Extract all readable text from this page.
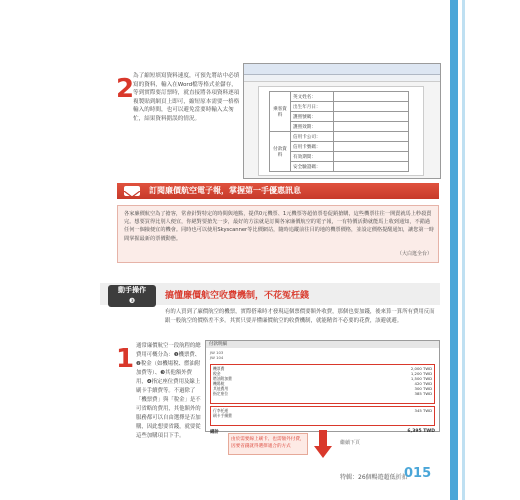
2
為了縮短填寫資料速度，可預先將站中必填寫的資料，輸入在Word檔等格式並儲存，等到實際要訂票時，就直接將各項資料逐項複製貼到網頁上即可，縮短原本需要一格格輸入的時間，也可以避免當要時輸入太匆忙，結果資料錯誤的情況。
乘客資料	英文姓名：	
	出生年月日：	
	護照號碼：	
	護照效期：	
付款資料	信用卡公司：	
	信用卡號碼：	
	有效期間：	
	安全驗證碼：	
訂閱廉價航空電子報，掌握第一手優惠訊息
各家廉價航空為了搶客，常會針對特定的時間與地點，提供0元機票、1元機票等超值票卷促銷搶購，這些機票往往一開賣就馬上秒殺賣完。想要買得比別人便宜，你絕對要搶先一步，最好的方法就是訂閱各家廉價航空的電子報，一有特價活動就能馬上收到通知，不錯過任何一個撿便宜的機會。同時也可以使用Skyscanner等比價網站，隨時追蹤前往目的地的機票價格，並設定價格提醒通知，讓您第一時間掌握最新的票價動態。
（大白逛全台）
動手操作
❸	搞懂廉價航空收費機制，不花冤枉錢
有的人買到了廉價航空的機票，實際搭乘時才發現這個票價要額外收費，那個也要加錢，後來算一算所有費用反而跟一般航空的價格差不多。其實只要弄懂廉價航空的收費機制，就能精省不必要的花費，該避就避。
1 通常廉價航空一段航程的總費用可概分為：❶機票費、❷稅金（如機場稅、燃油附加費等）、❸其他額外費用，❹指定座位費用及線上刷卡手續費等。不過除了「機票費」與「稅金」是不可省略的費用，其他額外的服務都可以自由選擇是否加購，因此想要省錢，就要從這些加購項目下手。
付款明細
JW 103
JW 104
機票費	2,000 TWD
稅金	1,200 TWD
燃油附加費	1,500 TWD
機場稅	420 TWD
其他費用	300 TWD
指定座位	385 TWD
行李托運	345 TWD
刷卡手續費
總計	6,395 TWD
由於需要線上刷卡、也需額外付費，因要省錢就得選擇適合的方式
繼續下頁
特輯：26個暢遊超低折扣
015
